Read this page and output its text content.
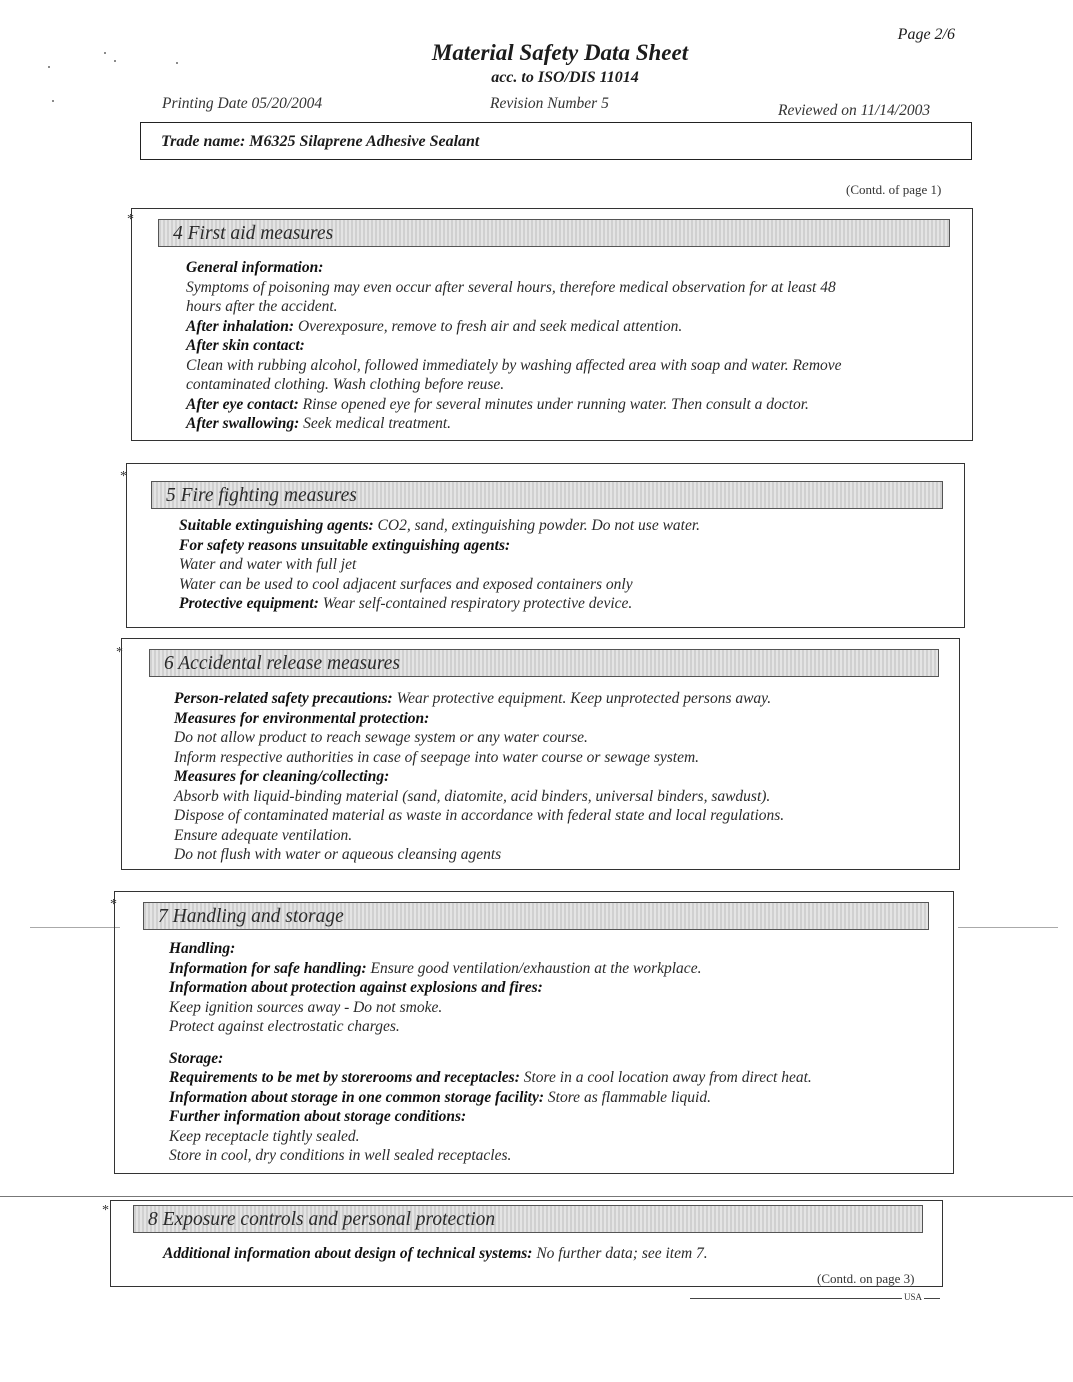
Page 2/6
Material Safety Data Sheet
acc. to ISO/DIS 11014
Printing Date 05/20/2004	Revision Number 5	Reviewed on 11/14/2003
Trade name: M6325 Silaprene Adhesive Sealant
(Contd. of page 1)
*
4 First aid measures
General information:
Symptoms of poisoning may even occur after several hours, therefore medical observation for at least 48
hours after the accident.
After inhalation: Overexposure, remove to fresh air and seek medical attention.
After skin contact:
Clean with rubbing alcohol, followed immediately by washing affected area with soap and water. Remove
contaminated clothing. Wash clothing before reuse.
After eye contact: Rinse opened eye for several minutes under running water. Then consult a doctor.
After swallowing: Seek medical treatment.
*
5 Fire fighting measures
Suitable extinguishing agents: CO2, sand, extinguishing powder. Do not use water.
For safety reasons unsuitable extinguishing agents:
Water and water with full jet
Water can be used to cool adjacent surfaces and exposed containers only
Protective equipment: Wear self-contained respiratory protective device.
*
6 Accidental release measures
Person-related safety precautions: Wear protective equipment. Keep unprotected persons away.
Measures for environmental protection:
Do not allow product to reach sewage system or any water course.
Inform respective authorities in case of seepage into water course or sewage system.
Measures for cleaning/collecting:
Absorb with liquid-binding material (sand, diatomite, acid binders, universal binders, sawdust).
Dispose of contaminated material as waste in accordance with federal state and local regulations.
Ensure adequate ventilation.
Do not flush with water or aqueous cleansing agents
*
7 Handling and storage
Handling:
Information for safe handling: Ensure good ventilation/exhaustion at the workplace.
Information about protection against explosions and fires:
Keep ignition sources away - Do not smoke.
Protect against electrostatic charges.
Storage:
Requirements to be met by storerooms and receptacles: Store in a cool location away from direct heat.
Information about storage in one common storage facility: Store as flammable liquid.
Further information about storage conditions:
Keep receptacle tightly sealed.
Store in cool, dry conditions in well sealed receptacles.
*	8 Exposure controls and personal protection
Additional information about design of technical systems: No further data; see item 7.
(Contd. on page 3)
USA
